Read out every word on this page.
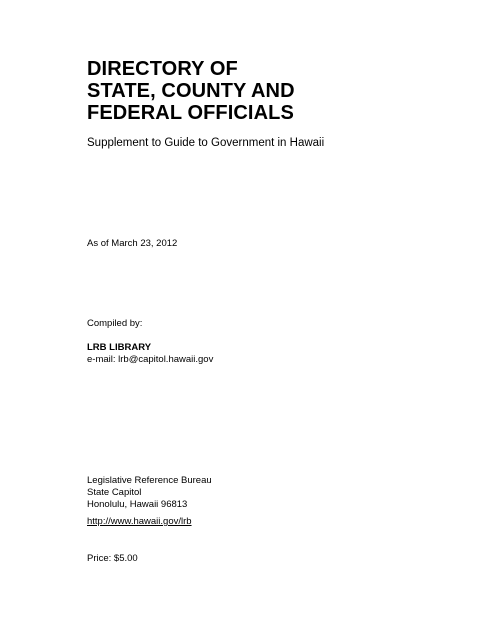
DIRECTORY OF
STATE, COUNTY AND
FEDERAL OFFICIALS
Supplement to Guide to Government in Hawaii
As of March 23, 2012
Compiled by:
LRB LIBRARY
e-mail: lrb@capitol.hawaii.gov
Legislative Reference Bureau
State Capitol
Honolulu, Hawaii 96813
http://www.hawaii.gov/lrb
Price: $5.00
